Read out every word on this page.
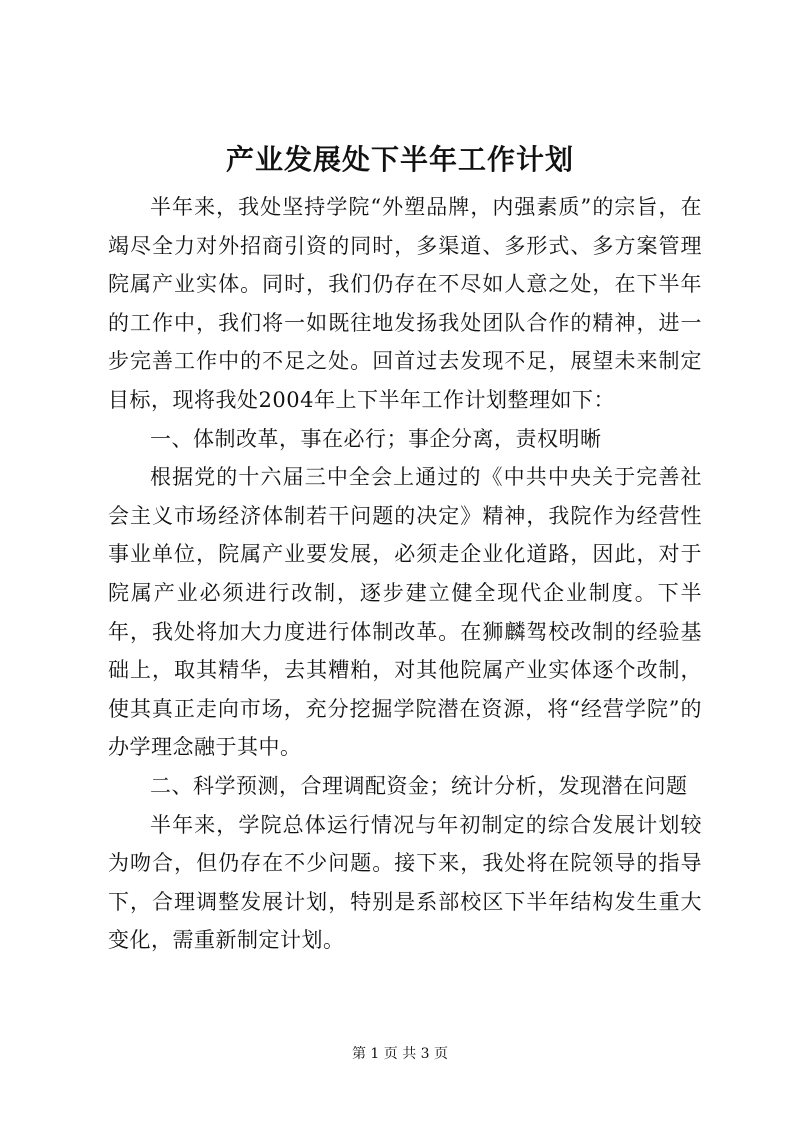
产业发展处下半年工作计划

半年来，我处坚持学院“外塑品牌，内强素质”的宗旨，在竭尽全力对外招商引资的同时，多渠道、多形式、多方案管理院属产业实体。同时，我们仍存在不尽如人意之处，在下半年的工作中，我们将一如既往地发扬我处团队合作的精神，进一步完善工作中的不足之处。回首过去发现不足，展望未来制定目标，现将我处2004年上下半年工作计划整理如下：

一、体制改革，事在必行；事企分离，责权明晰

根据党的十六届三中全会上通过的《中共中央关于完善社会主义市场经济体制若干问题的决定》精神，我院作为经营性事业单位，院属产业要发展，必须走企业化道路，因此，对于院属产业必须进行改制，逐步建立健全现代企业制度。下半年，我处将加大力度进行体制改革。在狮麟驾校改制的经验基础上，取其精华，去其糟粕，对其他院属产业实体逐个改制，使其真正走向市场，充分挖掘学院潜在资源，将“经营学院”的办学理念融于其中。

二、科学预测，合理调配资金；统计分析，发现潜在问题

半年来，学院总体运行情况与年初制定的综合发展计划较为吻合，但仍存在不少问题。接下来，我处将在院领导的指导下，合理调整发展计划，特别是系部校区下半年结构发生重大变化，需重新制定计划。

第 1 页 共 3 页
